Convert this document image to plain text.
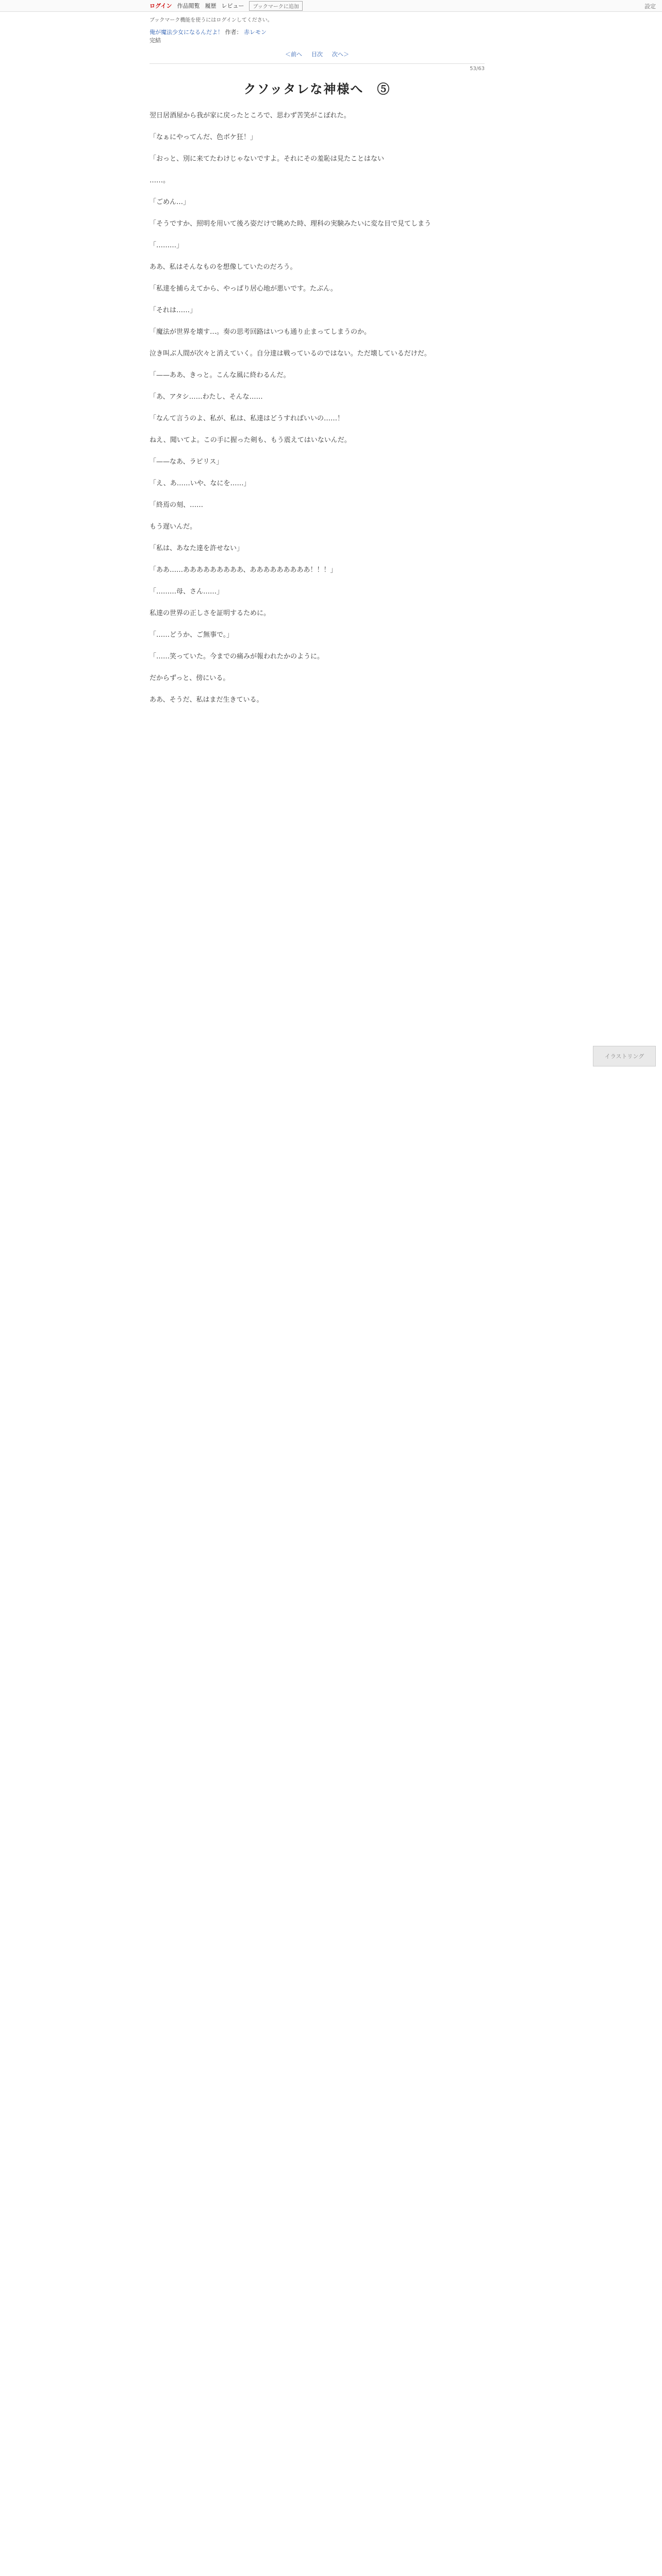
ログイン 作品閲覧 履歴 レビュー	ブックマークに追加	設定
ブックマーク機能を使うにはログインしてください。
俺が魔法少女になるんだよ！ 作者： 赤レモン
完結
＜前へ 目次 次へ＞
53/63
クソッタレな神様へ　⑤

翌日居酒屋から我が家に戻ったところで、思わず苦笑がこぼれた。

「なぁにやってんだ、色ボケ狂！」

「おっと、別に来てたわけじゃないですよ。それにその羞恥は見たことはない

……。

「ごめん…」

「そうですか、照明を用いて後ろ姿だけで眺めた時、理科の実験みたいに変な目で見てしまう

「………」

ああ、私はそんなものを想像していたのだろう。

「私達を捕らえてから、やっぱり居心地が悪いです。たぶん。

「それは……」

「魔法が世界を壊す…。奏の思考回路はいつも通り止まってしまうのか。

泣き叫ぶ人間が次々と消えていく。自分達は戦っているのではない。ただ壊しているだけだ。

「——ああ、きっと。こんな風に終わるんだ。

「あ、アタシ……わたし、そんな……

「なんて言うのよ、私が、私は、私達はどうすればいいの……！

ねえ、聞いてよ。この手に握った剣も、もう震えてはいないんだ。

「——なあ、ラピリス」

「え、あ……いや、なにを……」

「終焉の刻、……

もう遅いんだ。

「私は、あなた達を許せない」

「ああ……あああああああああ、あああああああああ！！！」

「………母、さん……」

私達の世界の正しさを証明するために。

「……どうか、ご無事で。」

「……笑っていた。今までの痛みが報われたかのように。

だからずっと、傍にいる。

ああ、そうだ、私はまだ生きている。

イラストリング
